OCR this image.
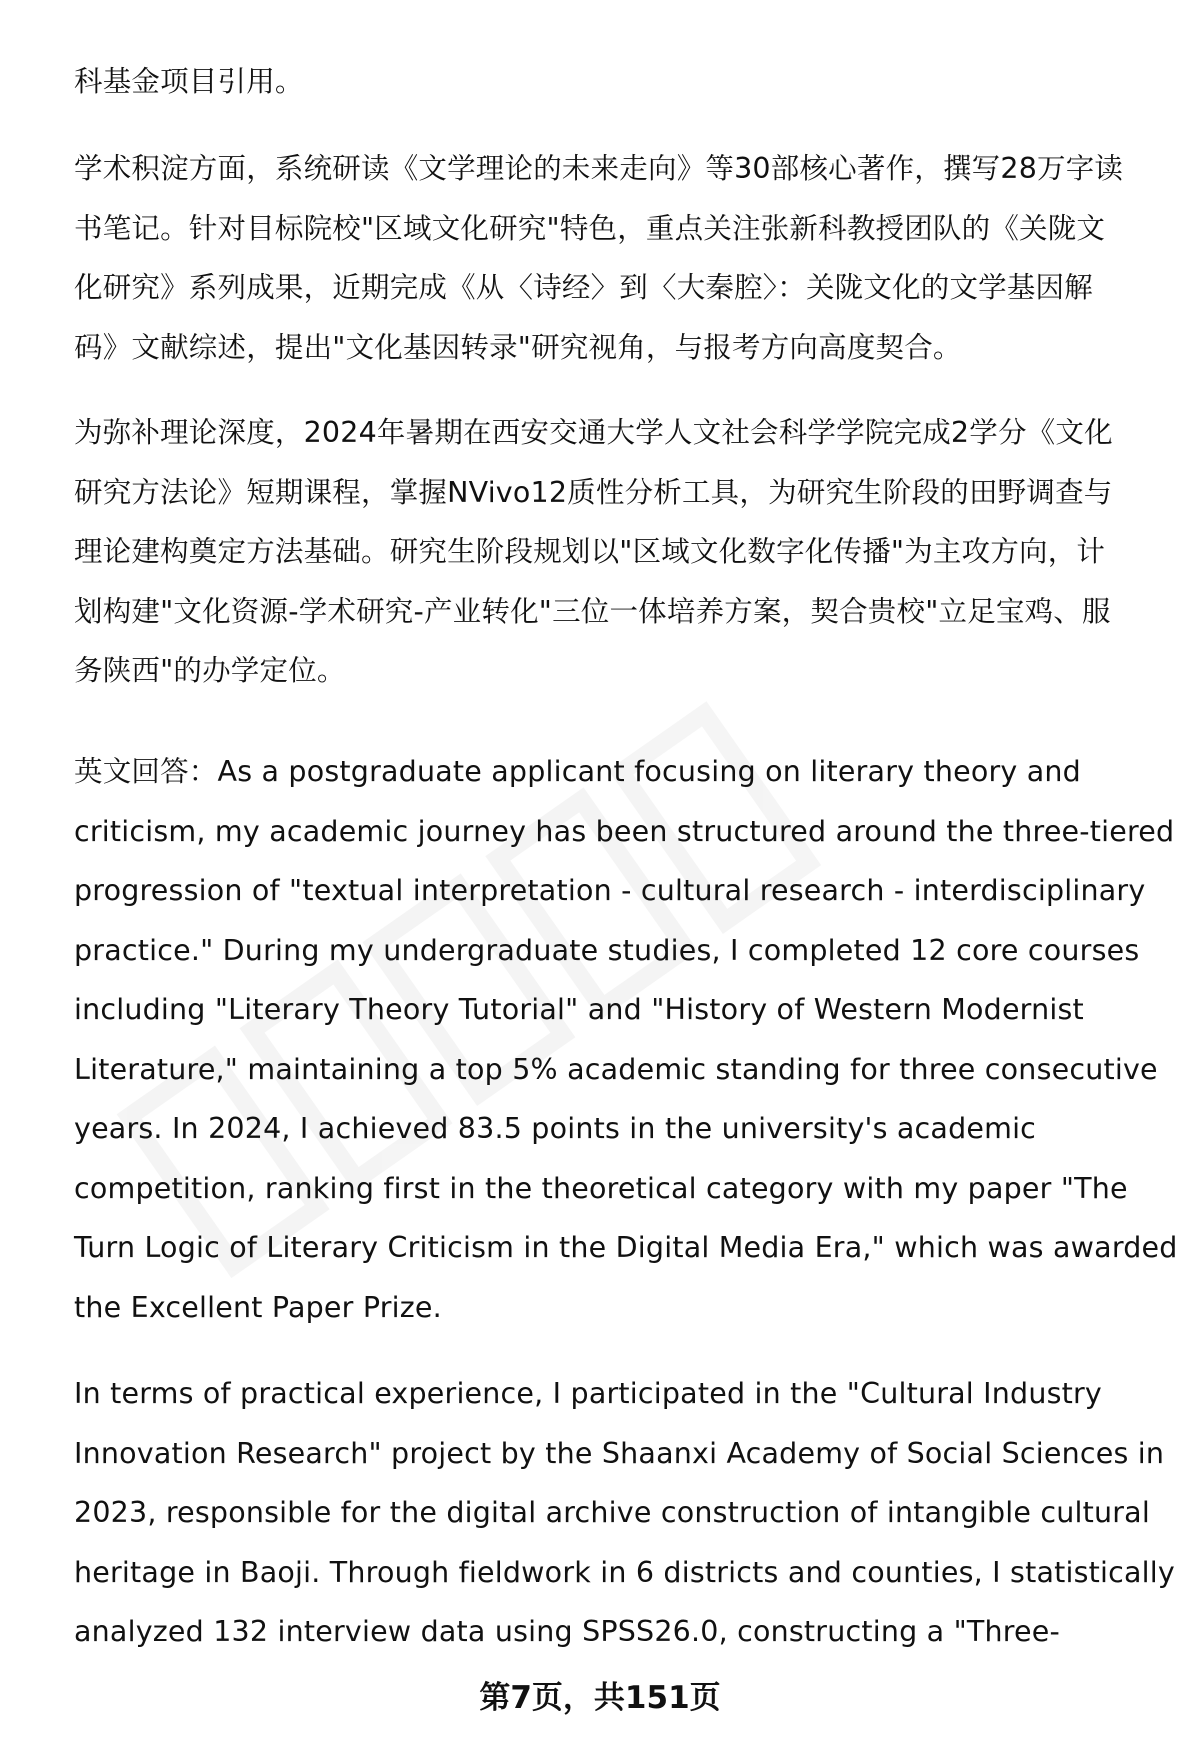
科基金项目引用。

学术积淀方面，系统研读《文学理论的未来走向》等30部核心著作，撰写28万字读
书笔记。针对目标院校"区域文化研究"特色，重点关注张新科教授团队的《关陇文
化研究》系列成果，近期完成《从〈诗经〉到〈大秦腔〉：关陇文化的文学基因解
码》文献综述，提出"文化基因转录"研究视角，与报考方向高度契合。

为弥补理论深度，2024年暑期在西安交通大学人文社会科学学院完成2学分《文化
研究方法论》短期课程，掌握NVivo12质性分析工具，为研究生阶段的田野调查与
理论建构奠定方法基础。研究生阶段规划以"区域文化数字化传播"为主攻方向，计
划构建"文化资源-学术研究-产业转化"三位一体培养方案，契合贵校"立足宝鸡、服
务陕西"的办学定位。

英文回答：As a postgraduate applicant focusing on literary theory and
criticism, my academic journey has been structured around the three-tiered
progression of "textual interpretation - cultural research - interdisciplinary
practice." During my undergraduate studies, I completed 12 core courses
including "Literary Theory Tutorial" and "History of Western Modernist
Literature," maintaining a top 5% academic standing for three consecutive
years. In 2024, I achieved 83.5 points in the university's academic
competition, ranking first in the theoretical category with my paper "The
Turn Logic of Literary Criticism in the Digital Media Era," which was awarded
the Excellent Paper Prize.

In terms of practical experience, I participated in the "Cultural Industry
Innovation Research" project by the Shaanxi Academy of Social Sciences in
2023, responsible for the digital archive construction of intangible cultural
heritage in Baoji. Through fieldwork in 6 districts and counties, I statistically
analyzed 132 interview data using SPSS26.0, constructing a "Three-

第7页，共151页
